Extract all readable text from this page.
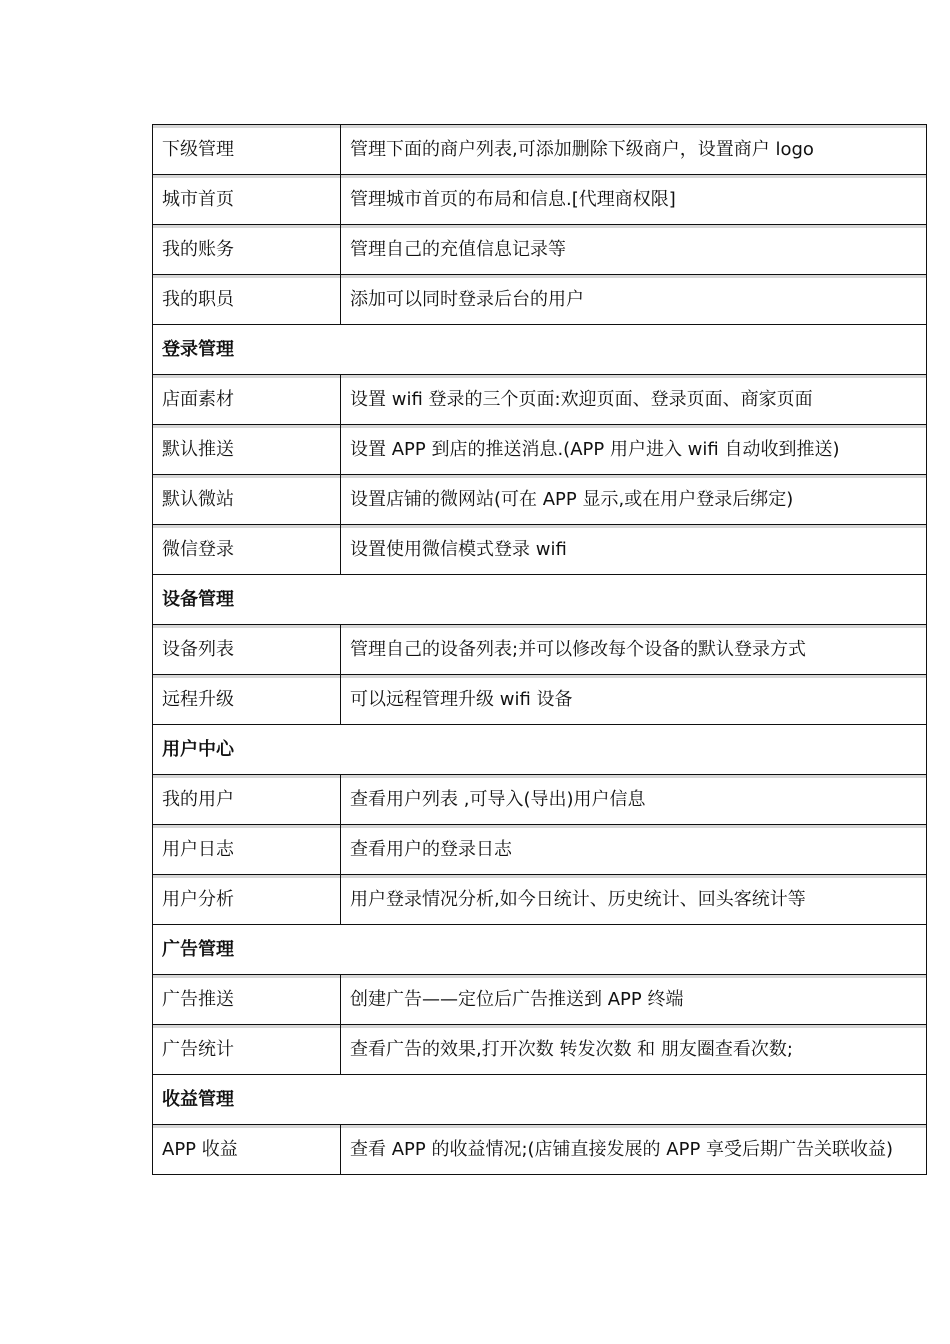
下级管理	管理下面的商户列表,可添加删除下级商户，设置商户 logo
城市首页	管理城市首页的布局和信息.[代理商权限]
我的账务	管理自己的充值信息记录等
我的职员	添加可以同时登录后台的用户
登录管理	
店面素材	设置 wifi 登录的三个页面:欢迎页面、登录页面、商家页面
默认推送	设置 APP 到店的推送消息.(APP 用户进入 wifi 自动收到推送)
默认微站	设置店铺的微网站(可在 APP 显示,或在用户登录后绑定)
微信登录	设置使用微信模式登录 wifi
设备管理	
设备列表	管理自己的设备列表;并可以修改每个设备的默认登录方式
远程升级	可以远程管理升级 wifi 设备
用户中心	
我的用户	查看用户列表 ,可导入(导出)用户信息
用户日志	查看用户的登录日志
用户分析	用户登录情况分析,如今日统计、历史统计、回头客统计等
广告管理	
广告推送	创建广告——定位后广告推送到 APP 终端
广告统计	查看广告的效果,打开次数 转发次数 和 朋友圈查看次数;
收益管理	
APP 收益	查看 APP 的收益情况;(店铺直接发展的 APP 享受后期广告关联收益)
